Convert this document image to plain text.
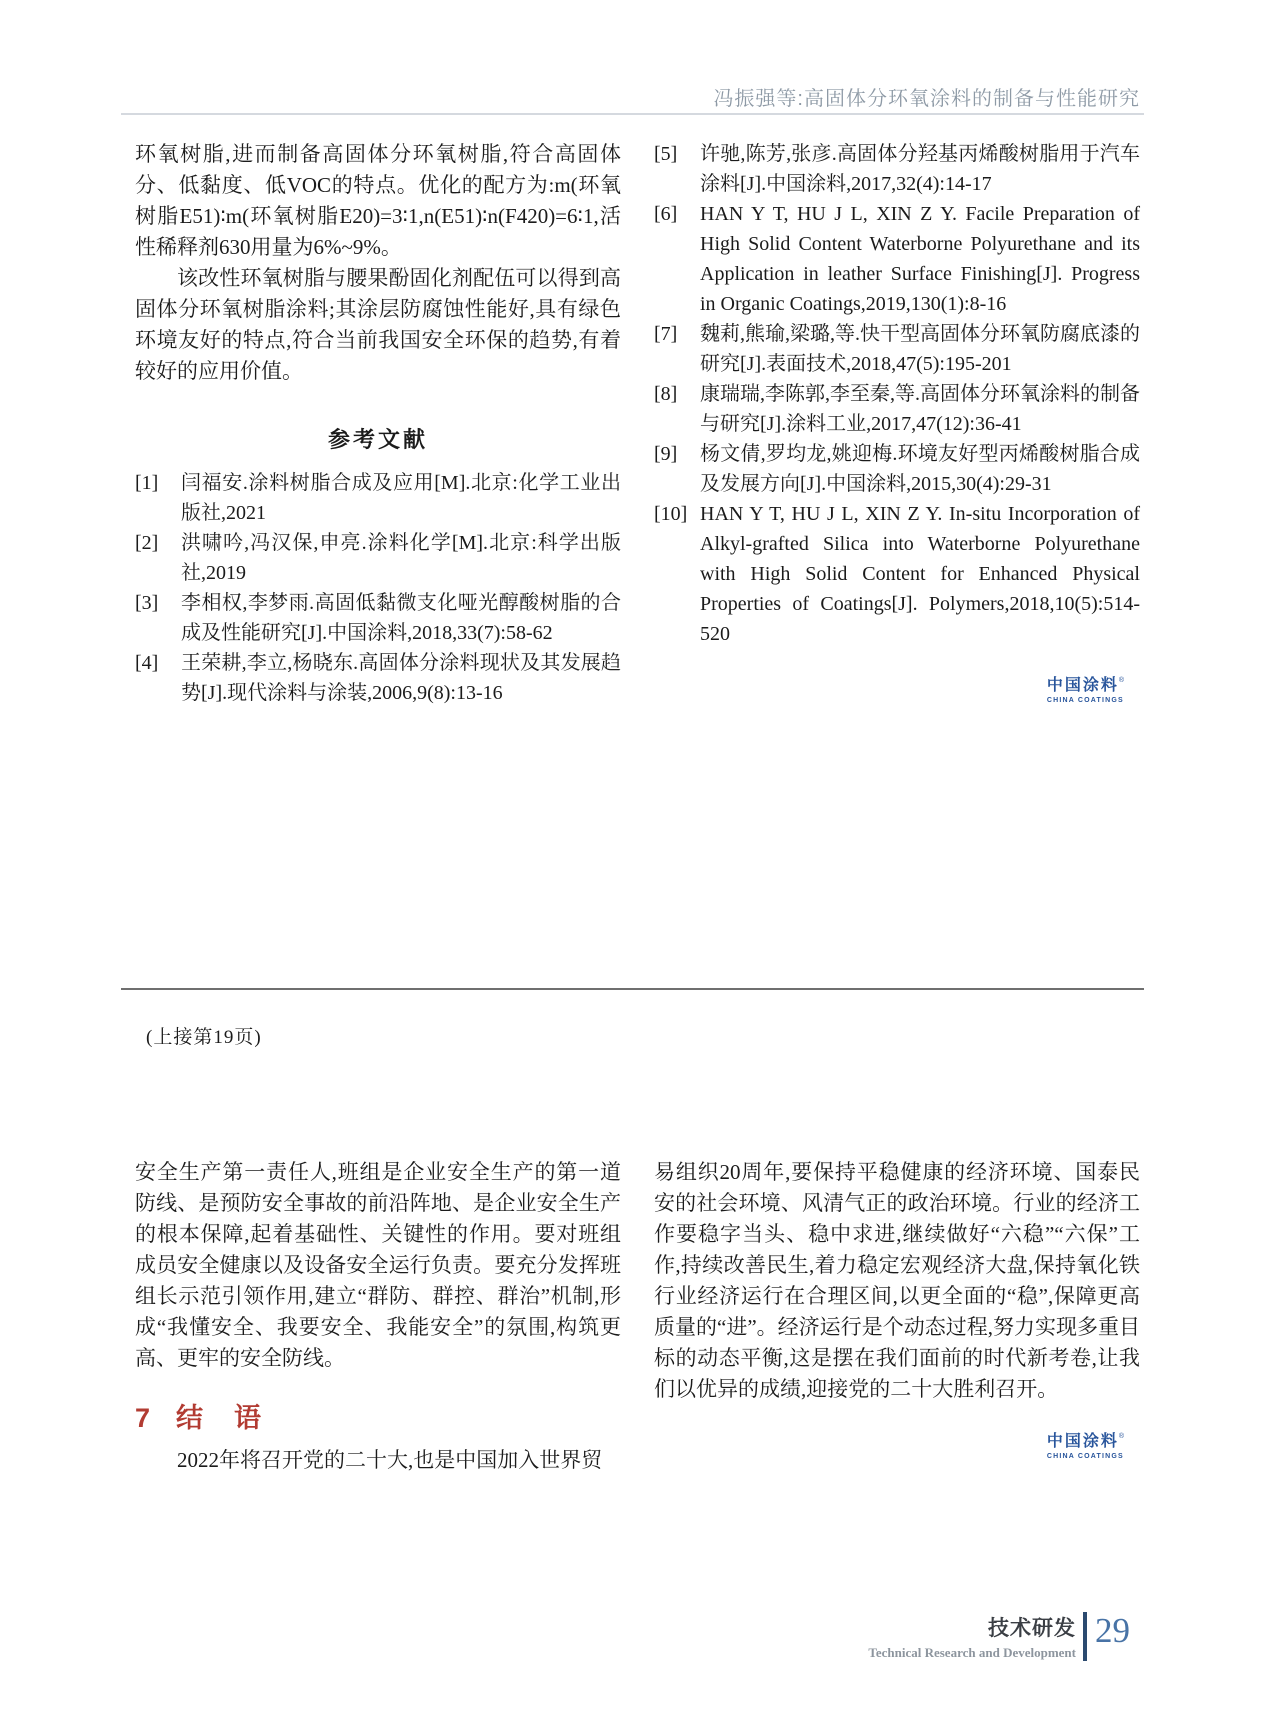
冯振强等:高固体分环氧涂料的制备与性能研究

环氧树脂,进而制备高固体分环氧树脂,符合高固体分、低黏度、低VOC的特点。优化的配方为:m(环氧树脂E51)∶m(环氧树脂E20)=3∶1,n(E51)∶n(F420)=6∶1,活性稀释剂630用量为6%~9%。

该改性环氧树脂与腰果酚固化剂配伍可以得到高固体分环氧树脂涂料;其涂层防腐蚀性能好,具有绿色环境友好的特点,符合当前我国安全环保的趋势,有着较好的应用价值。

参考文献
[1]	闫福安.涂料树脂合成及应用[M].北京:化学工业出版社,2021
[2]	洪啸吟,冯汉保,申亮.涂料化学[M].北京:科学出版社,2019
[3]	李相权,李梦雨.高固低黏微支化哑光醇酸树脂的合成及性能研究[J].中国涂料,2018,33(7):58-62
[4]	王荣耕,李立,杨晓东.高固体分涂料现状及其发展趋势[J].现代涂料与涂装,2006,9(8):13-16
[5]	许驰,陈芳,张彦.高固体分羟基丙烯酸树脂用于汽车涂料[J].中国涂料,2017,32(4):14-17
[6]	HAN Y T, HU J L, XIN Z Y. Facile Preparation of High Solid Content Waterborne Polyurethane and its Application in leather Surface Finishing[J]. Progress in Organic Coatings,2019,130(1):8-16
[7]	魏莉,熊瑜,梁璐,等.快干型高固体分环氧防腐底漆的研究[J].表面技术,2018,47(5):195-201
[8]	康瑞瑞,李陈郭,李至秦,等.高固体分环氧涂料的制备与研究[J].涂料工业,2017,47(12):36-41
[9]	杨文倩,罗均龙,姚迎梅.环境友好型丙烯酸树脂合成及发展方向[J].中国涂料,2015,30(4):29-31
[10] HAN Y T, HU J L, XIN Z Y. In-situ Incorporation of Alkyl-grafted Silica into Waterborne Polyurethane with High Solid Content for Enhanced Physical Properties of Coatings[J]. Polymers,2018,10(5):514-520
中国涂料®
CHINA COATINGS
(上接第19页)

安全生产第一责任人,班组是企业安全生产的第一道防线、是预防安全事故的前沿阵地、是企业安全生产的根本保障,起着基础性、关键性的作用。要对班组成员安全健康以及设备安全运行负责。要充分发挥班组长示范引领作用,建立“群防、群控、群治”机制,形成“我懂安全、我要安全、我能安全”的氛围,构筑更高、更牢的安全防线。

7 结　语

2022年将召开党的二十大,也是中国加入世界贸

易组织20周年,要保持平稳健康的经济环境、国泰民安的社会环境、风清气正的政治环境。行业的经济工作要稳字当头、稳中求进,继续做好“六稳”“六保”工作,持续改善民生,着力稳定宏观经济大盘,保持氧化铁行业经济运行在合理区间,以更全面的“稳”,保障更高质量的“进”。经济运行是个动态过程,努力实现多重目标的动态平衡,这是摆在我们面前的时代新考卷,让我们以优异的成绩,迎接党的二十大胜利召开。

中国涂料®
CHINA COATINGS
技术研发
Technical Research and Development
29
